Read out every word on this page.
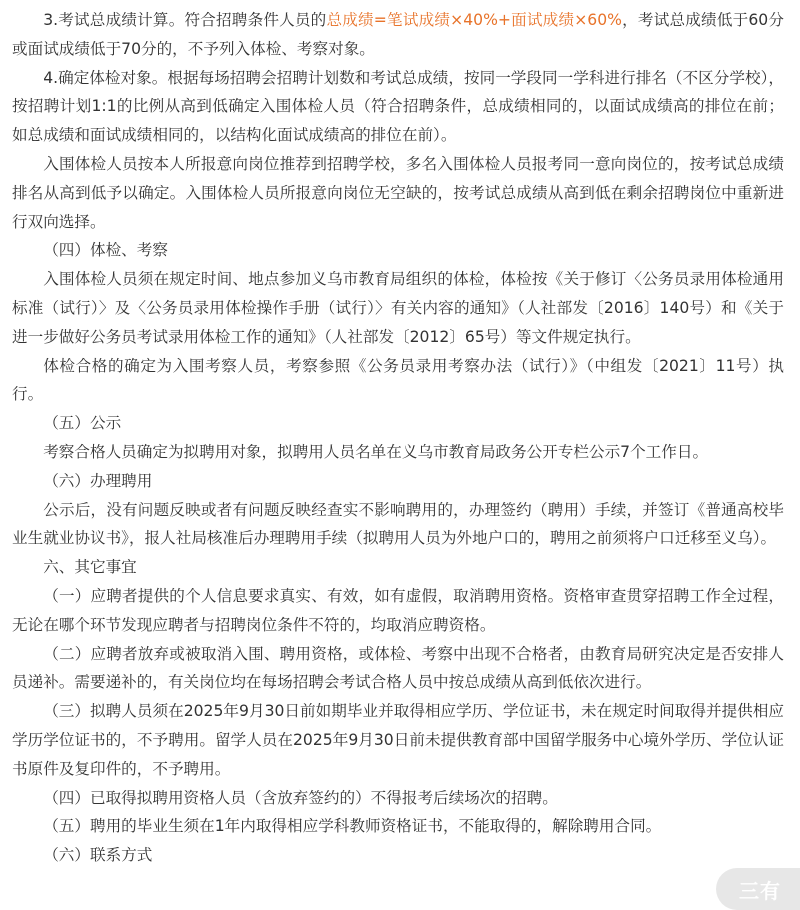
3.考试总成绩计算。符合招聘条件人员的总成绩=笔试成绩×40%+面试成绩×60%，考试总成绩低于60分或面试成绩低于70分的，不予列入体检、考察对象。

4.确定体检对象。根据每场招聘会招聘计划数和考试总成绩，按同一学段同一学科进行排名（不区分学校），按招聘计划1:1的比例从高到低确定入围体检人员（符合招聘条件，总成绩相同的，以面试成绩高的排位在前；如总成绩和面试成绩相同的，以结构化面试成绩高的排位在前）。

入围体检人员按本人所报意向岗位推荐到招聘学校，多名入围体检人员报考同一意向岗位的，按考试总成绩排名从高到低予以确定。入围体检人员所报意向岗位无空缺的，按考试总成绩从高到低在剩余招聘岗位中重新进行双向选择。

（四）体检、考察

入围体检人员须在规定时间、地点参加义乌市教育局组织的体检，体检按《关于修订〈公务员录用体检通用标准（试行）〉及〈公务员录用体检操作手册（试行）〉有关内容的通知》（人社部发〔2016〕140号）和《关于进一步做好公务员考试录用体检工作的通知》（人社部发〔2012〕65号）等文件规定执行。

体检合格的确定为入围考察人员，考察参照《公务员录用考察办法（试行）》（中组发〔2021〕11号）执行。

（五）公示

考察合格人员确定为拟聘用对象，拟聘用人员名单在义乌市教育局政务公开专栏公示7个工作日。

（六）办理聘用

公示后，没有问题反映或者有问题反映经查实不影响聘用的，办理签约（聘用）手续，并签订《普通高校毕业生就业协议书》，报人社局核准后办理聘用手续（拟聘用人员为外地户口的，聘用之前须将户口迁移至义乌）。

六、其它事宜

（一）应聘者提供的个人信息要求真实、有效，如有虚假，取消聘用资格。资格审查贯穿招聘工作全过程，无论在哪个环节发现应聘者与招聘岗位条件不符的，均取消应聘资格。

（二）应聘者放弃或被取消入围、聘用资格，或体检、考察中出现不合格者，由教育局研究决定是否安排人员递补。需要递补的，有关岗位均在每场招聘会考试合格人员中按总成绩从高到低依次进行。

（三）拟聘人员须在2025年9月30日前如期毕业并取得相应学历、学位证书，未在规定时间取得并提供相应学历学位证书的，不予聘用。留学人员在2025年9月30日前未提供教育部中国留学服务中心境外学历、学位认证书原件及复印件的，不予聘用。

（四）已取得拟聘用资格人员（含放弃签约的）不得报考后续场次的招聘。

（五）聘用的毕业生须在1年内取得相应学科教师资格证书，不能取得的，解除聘用合同。

（六）联系方式

三有
